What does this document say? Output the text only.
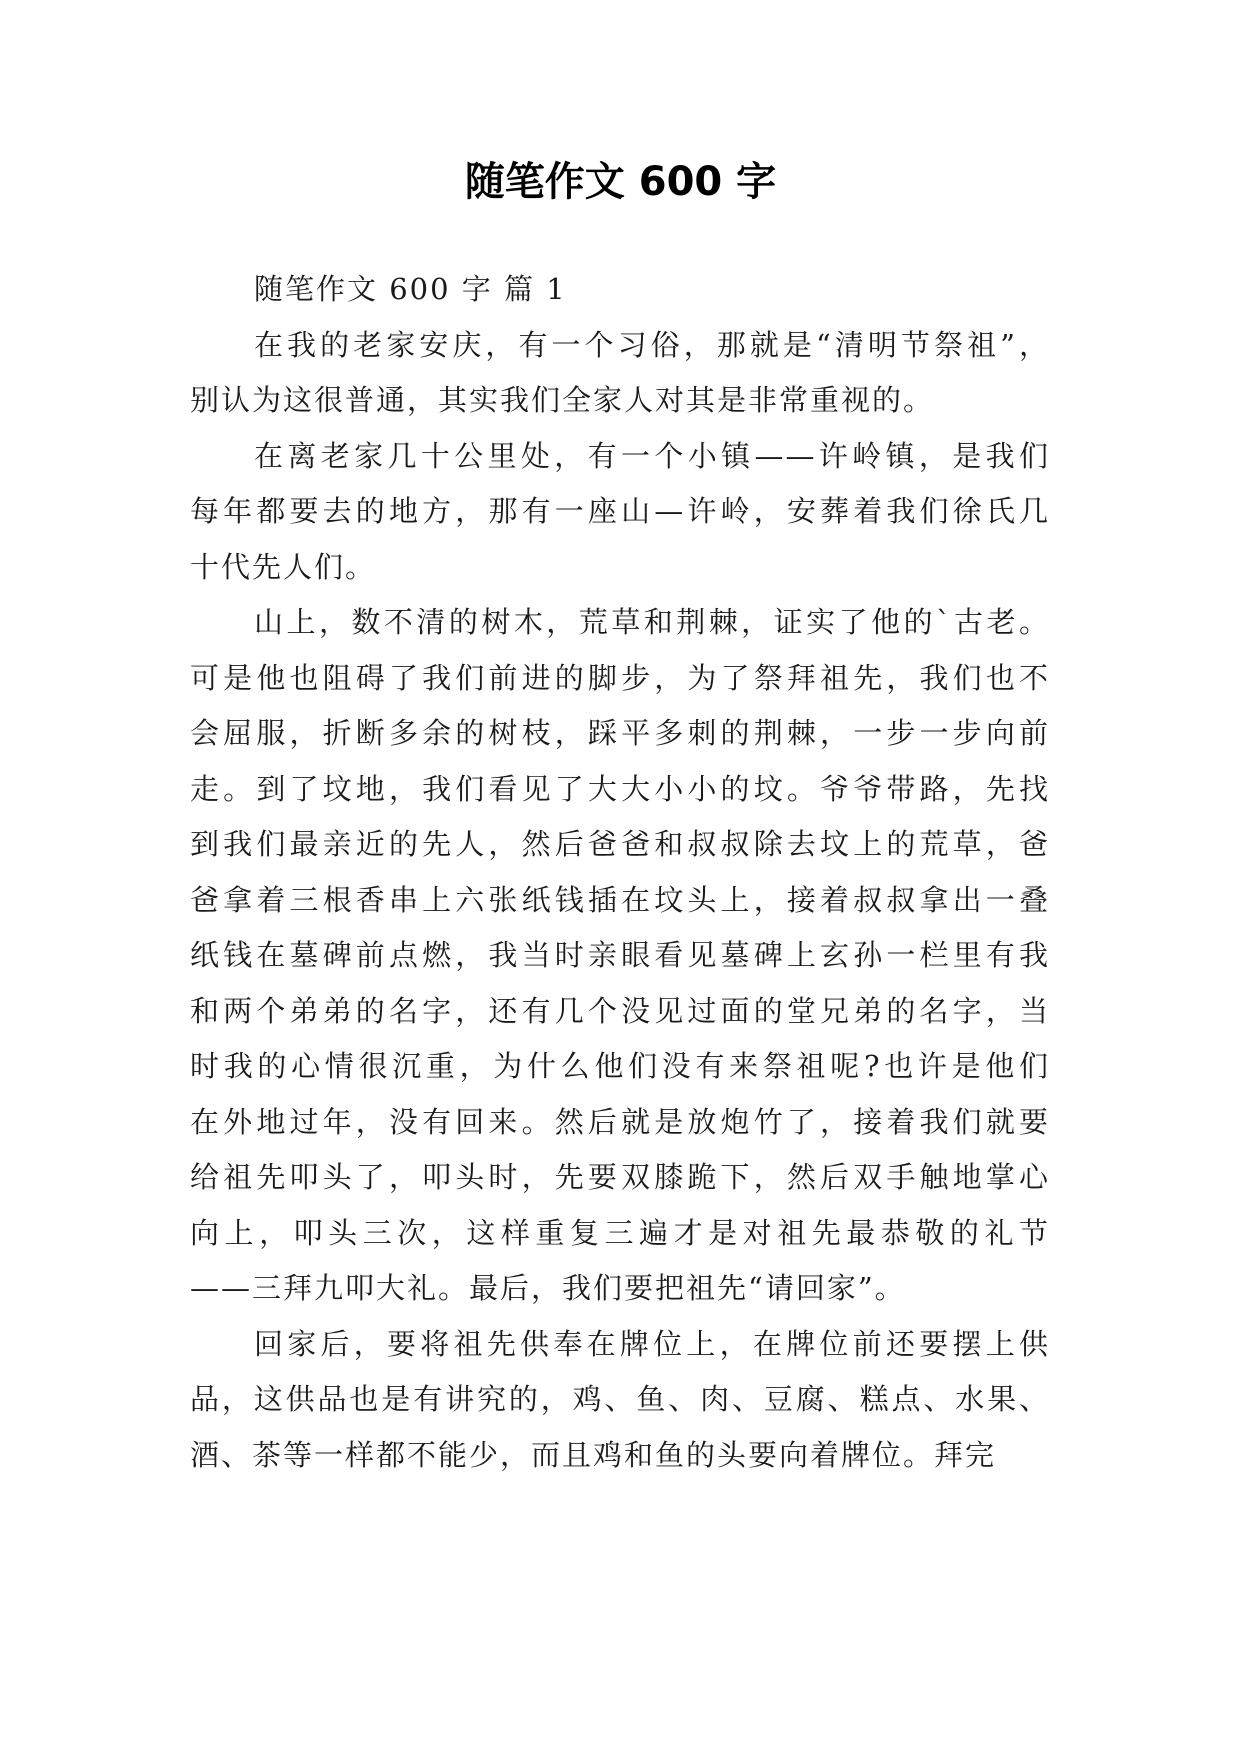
随笔作文 600 字
随笔作文 600 字 篇 1
在我的老家安庆，有一个习俗，那就是“清明节祭祖”，
别认为这很普通，其实我们全家人对其是非常重视的。
在离老家几十公里处，有一个小镇——许岭镇，是我们
每年都要去的地方，那有一座山—许岭，安葬着我们徐氏几
十代先人们。
山上，数不清的树木，荒草和荆棘，证实了他的`古老。
可是他也阻碍了我们前进的脚步，为了祭拜祖先，我们也不
会屈服，折断多余的树枝，踩平多刺的荆棘，一步一步向前
走。到了坟地，我们看见了大大小小的坟。爷爷带路，先找
到我们最亲近的先人，然后爸爸和叔叔除去坟上的荒草，爸
爸拿着三根香串上六张纸钱插在坟头上，接着叔叔拿出一叠
纸钱在墓碑前点燃，我当时亲眼看见墓碑上玄孙一栏里有我
和两个弟弟的名字，还有几个没见过面的堂兄弟的名字，当
时我的心情很沉重，为什么他们没有来祭祖呢?也许是他们
在外地过年，没有回来。然后就是放炮竹了，接着我们就要
给祖先叩头了，叩头时，先要双膝跪下，然后双手触地掌心
向上，叩头三次，这样重复三遍才是对祖先最恭敬的礼节
——三拜九叩大礼。最后，我们要把祖先“请回家”。
回家后，要将祖先供奉在牌位上，在牌位前还要摆上供
品，这供品也是有讲究的，鸡、鱼、肉、豆腐、糕点、水果、
酒、茶等一样都不能少，而且鸡和鱼的头要向着牌位。拜完
